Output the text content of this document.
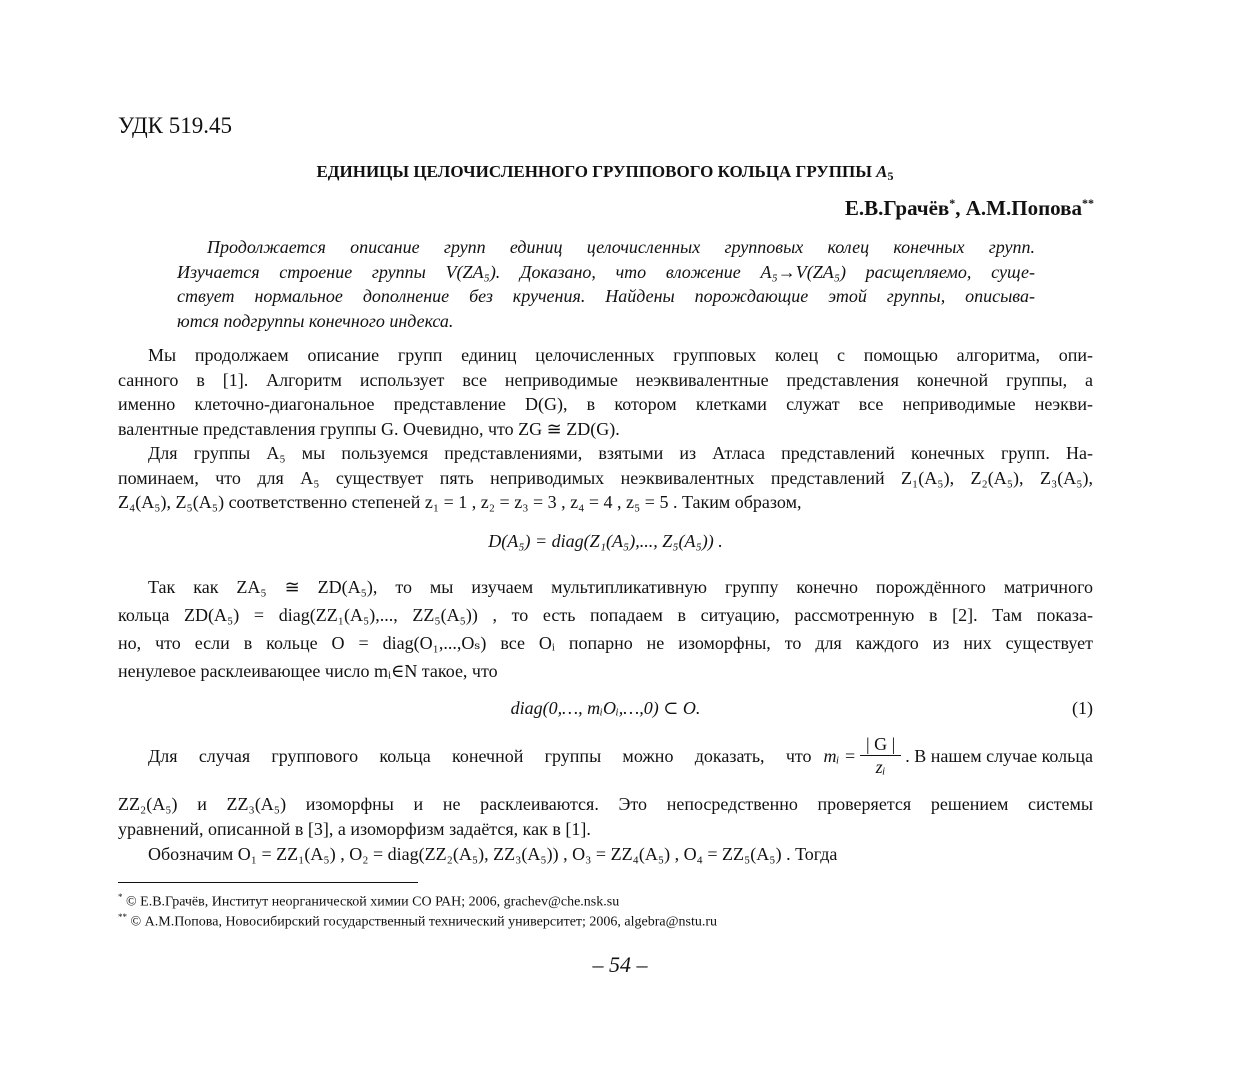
УДК 519.45
ЕДИНИЦЫ ЦЕЛОЧИСЛЕННОГО ГРУППОВОГО КОЛЬЦА ГРУППЫ $A_5$
Е.В.Грачёв*, А.М.Попова**
Продолжается описание групп единиц целочисленных групповых колец конечных групп.
Изучается строение группы V(ZA₅). Доказано, что вложение A₅→V(ZA₅) расщепляемо, суще-
ствует нормальное дополнение без кручения. Найдены порождающие этой группы, описыва-
ются подгруппы конечного индекса.
Мы продолжаем описание групп единиц целочисленных групповых колец с помощью алгоритма, опи-
санного в [1]. Алгоритм использует все неприводимые неэквивалентные представления конечной группы, а
именно клеточно-диагональное представление D(G), в котором клетками служат все неприводимые неэкви-
валентные представления группы G. Очевидно, что ZG ≅ ZD(G).
Для группы A₅ мы пользуемся представлениями, взятыми из Атласа представлений конечных групп. На-
поминаем, что для A₅ существует пять неприводимых неэквивалентных представлений Z₁(A₅), Z₂(A₅), Z₃(A₅),
Z₄(A₅), Z₅(A₅) соответственно степеней z₁ = 1 , z₂ = z₃ = 3 , z₄ = 4 , z₅ = 5 . Таким образом,
D(A₅) = diag(Z₁(A₅),..., Z₅(A₅)) .
Так как ZA₅ ≅ ZD(A₅), то мы изучаем мультипликативную группу конечно порождённого матричного
кольца ZD(A₅) = diag(ZZ₁(A₅),..., ZZ₅(A₅)) , то есть попадаем в ситуацию, рассмотренную в [2]. Там показа-
но, что если в кольце O = diag(O₁,...,Oₛ) все Oᵢ попарно не изоморфны, то для каждого из них существует
ненулевое расклеивающее число mᵢ∈N такое, что
diag(0,…, mᵢOᵢ,…,0) ⊂ O.	(1)
Для случая группового кольца конечной группы можно доказать, что mᵢ = $\frac{| G |}{\text{zᵢ}}$ . В нашем случае кольца
ZZ₂(A₅) и ZZ₃(A₅) изоморфны и не расклеиваются. Это непосредственно проверяется решением системы
уравнений, описанной в [3], а изоморфизм задаётся, как в [1].
Обозначим O₁ = ZZ₁(A₅) , O₂ = diag(ZZ₂(A₅), ZZ₃(A₅)) , O₃ = ZZ₄(A₅) , O₄ = ZZ₅(A₅) . Тогда
* © Е.В.Грачёв, Институт неорганической химии СО РАН; 2006, grachev@che.nsk.su
** © А.М.Попова, Новосибирский государственный технический университет; 2006, algebra@nstu.ru
– 54 –
